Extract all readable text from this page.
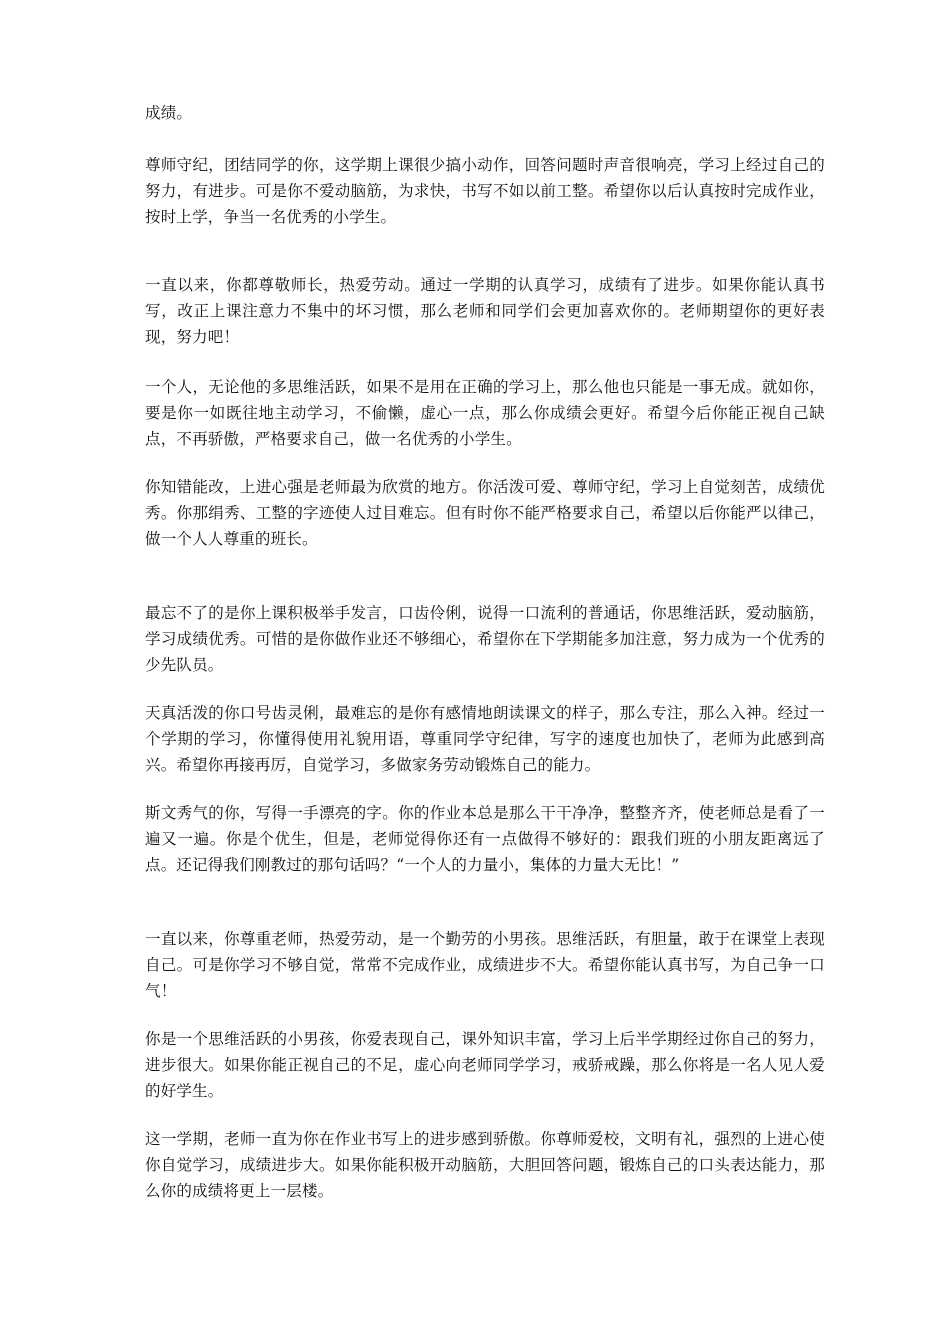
成绩。

尊师守纪，团结同学的你，这学期上课很少搞小动作，回答问题时声音很响亮，学习上经过自己的努力，有进步。可是你不爱动脑筋，为求快，书写不如以前工整。希望你以后认真按时完成作业，按时上学，争当一名优秀的小学生。

一直以来，你都尊敬师长，热爱劳动。通过一学期的认真学习，成绩有了进步。如果你能认真书写，改正上课注意力不集中的坏习惯，那么老师和同学们会更加喜欢你的。老师期望你的更好表现，努力吧！

一个人，无论他的多思维活跃，如果不是用在正确的学习上，那么他也只能是一事无成。就如你，要是你一如既往地主动学习，不偷懒，虚心一点，那么你成绩会更好。希望今后你能正视自己缺点，不再骄傲，严格要求自己，做一名优秀的小学生。

你知错能改，上进心强是老师最为欣赏的地方。你活泼可爱、尊师守纪，学习上自觉刻苦，成绩优秀。你那绢秀、工整的字迹使人过目难忘。但有时你不能严格要求自己，希望以后你能严以律己，做一个人人尊重的班长。

最忘不了的是你上课积极举手发言，口齿伶俐，说得一口流利的普通话，你思维活跃，爱动脑筋，学习成绩优秀。可惜的是你做作业还不够细心，希望你在下学期能多加注意，努力成为一个优秀的少先队员。

天真活泼的你口号齿灵俐，最难忘的是你有感情地朗读课文的样子，那么专注，那么入神。经过一个学期的学习，你懂得使用礼貌用语，尊重同学守纪律，写字的速度也加快了，老师为此感到高兴。希望你再接再厉，自觉学习，多做家务劳动锻炼自己的能力。

斯文秀气的你，写得一手漂亮的字。你的作业本总是那么干干净净，整整齐齐，使老师总是看了一遍又一遍。你是个优生，但是，老师觉得你还有一点做得不够好的：跟我们班的小朋友距离远了点。还记得我们刚教过的那句话吗？“一个人的力量小，集体的力量大无比！”

一直以来，你尊重老师，热爱劳动，是一个勤劳的小男孩。思维活跃，有胆量，敢于在课堂上表现自己。可是你学习不够自觉，常常不完成作业，成绩进步不大。希望你能认真书写，为自己争一口气！

你是一个思维活跃的小男孩，你爱表现自己，课外知识丰富，学习上后半学期经过你自己的努力，进步很大。如果你能正视自己的不足，虚心向老师同学学习，戒骄戒躁，那么你将是一名人见人爱的好学生。

这一学期，老师一直为你在作业书写上的进步感到骄傲。你尊师爱校，文明有礼，强烈的上进心使你自觉学习，成绩进步大。如果你能积极开动脑筋，大胆回答问题，锻炼自己的口头表达能力，那么你的成绩将更上一层楼。
